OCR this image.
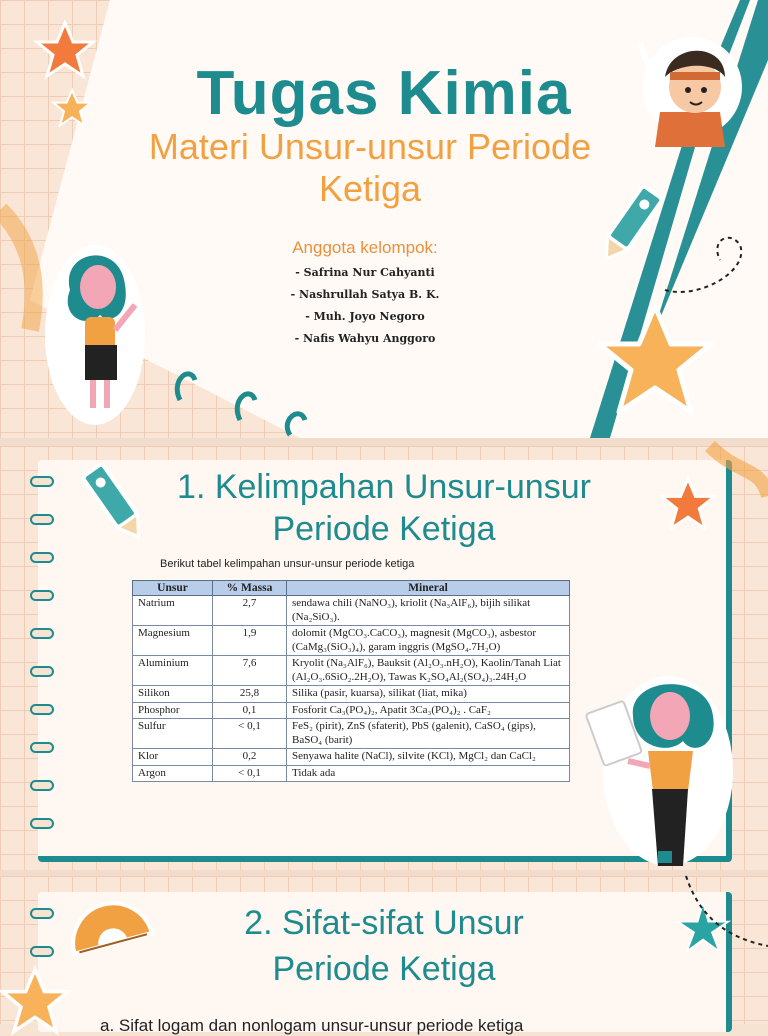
Tugas Kimia

Materi Unsur-unsur Periode

Ketiga

Anggota kelompok:

- Safrina Nur Cahyanti

- Nashrullah Satya B. K.

- Muh. Joyo Negoro

- Nafis Wahyu Anggoro

1. Kelimpahan Unsur-unsur
Periode Ketiga

Berikut tabel kelimpahan unsur-unsur periode ketiga

Unsur	% Massa	Mineral
Natrium	2,7	sendawa chili (NaNO₃), kriolit (Na₃AlF₆), bijih silikat (Na₂SiO₃).
Magnesium	1,9	dolomit (MgCO₃.CaCO₃), magnesit (MgCO₃), asbestor (CaMg₃(SiO₃)₄), garam inggris (MgSO₄.7H₂O)
Aluminium	7,6	Kryolit (Na₃AlF₆), Bauksit (Al₂O₃.nH₂O), Kaolin/Tanah Liat (Al₂O₃.6SiO₂.2H₂O), Tawas K₂SO₄Al₂(SO₄)₃.24H₂O
Silikon	25,8	Silika (pasir, kuarsa), silikat (liat, mika)
Phosphor	0,1	Fosforit Ca₃(PO₄)₂, Apatit 3Ca₃(PO₄)₂ . CaF₂
Sulfur	< 0,1	FeS₂ (pirit), ZnS (sfaterit), PbS (galenit), CaSO₄ (gips), BaSO₄ (barit)
Klor	0,2	Senyawa halite (NaCl), silvite (KCl), MgCl₂ dan CaCl₂
Argon	< 0,1	Tidak ada
2. Sifat-sifat Unsur
Periode Ketiga

a. Sifat logam dan nonlogam unsur-unsur periode ketiga
